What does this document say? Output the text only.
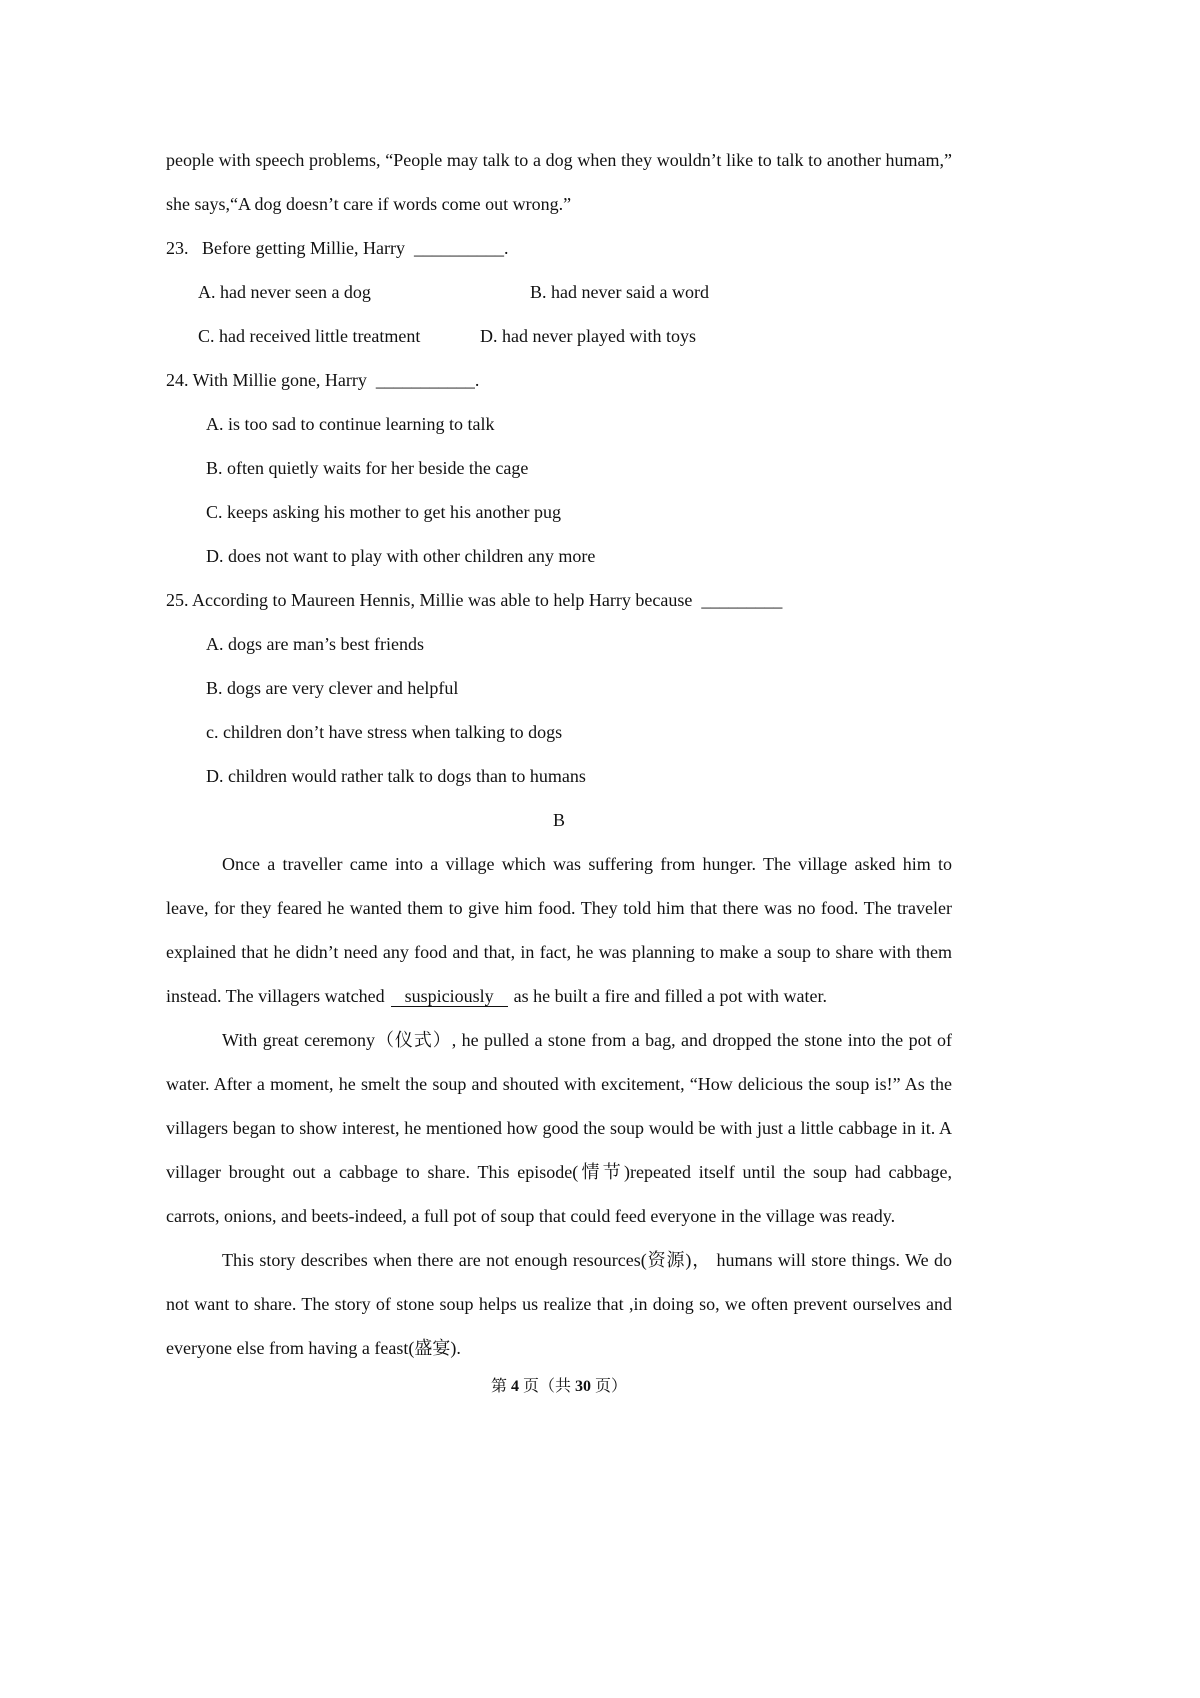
people with speech problems, “People may talk to a dog when they wouldn’t like to talk to another humam,” she says,“A dog doesn’t care if words come out wrong.”

23.   Before getting Millie, Harry  __________.

A. had never seen a dog	B. had never said a word
C. had received little treatment	D. had never played with toys

24. With Millie gone, Harry  ___________.

A. is too sad to continue learning to talk

B. often quietly waits for her beside the cage

C. keeps asking his mother to get his another pug

D. does not want to play with other children any more

25. According to Maureen Hennis, Millie was able to help Harry because  _________

A. dogs are man’s best friends

B. dogs are very clever and helpful

c. children don’t have stress when talking to dogs

D. children would rather talk to dogs than to humans

B

Once a traveller came into a village which was suffering from hunger. The village asked him to leave, for they feared he wanted them to give him food. They told him that there was no food. The traveler explained that he didn’t need any food and that, in fact, he was planning to make a soup to share with them instead. The villagers watched suspiciously as he built a fire and filled a pot with water.

With great ceremony（仪式）, he pulled a stone from a bag, and dropped the stone into the pot of water. After a moment, he smelt the soup and shouted with excitement, “How delicious the soup is!” As the villagers began to show interest, he mentioned how good the soup would be with just a little cabbage in it. A villager brought out a cabbage to share. This episode(情节)repeated itself until the soup had cabbage, carrots, onions, and beets-indeed, a full pot of soup that could feed everyone in the village was ready.

This story describes when there are not enough resources(资源)， humans will store things. We do not want to share. The story of stone soup helps us realize that ,in doing so, we often prevent ourselves and everyone else from having a feast(盛宴).

第 4 页（共 30 页）
